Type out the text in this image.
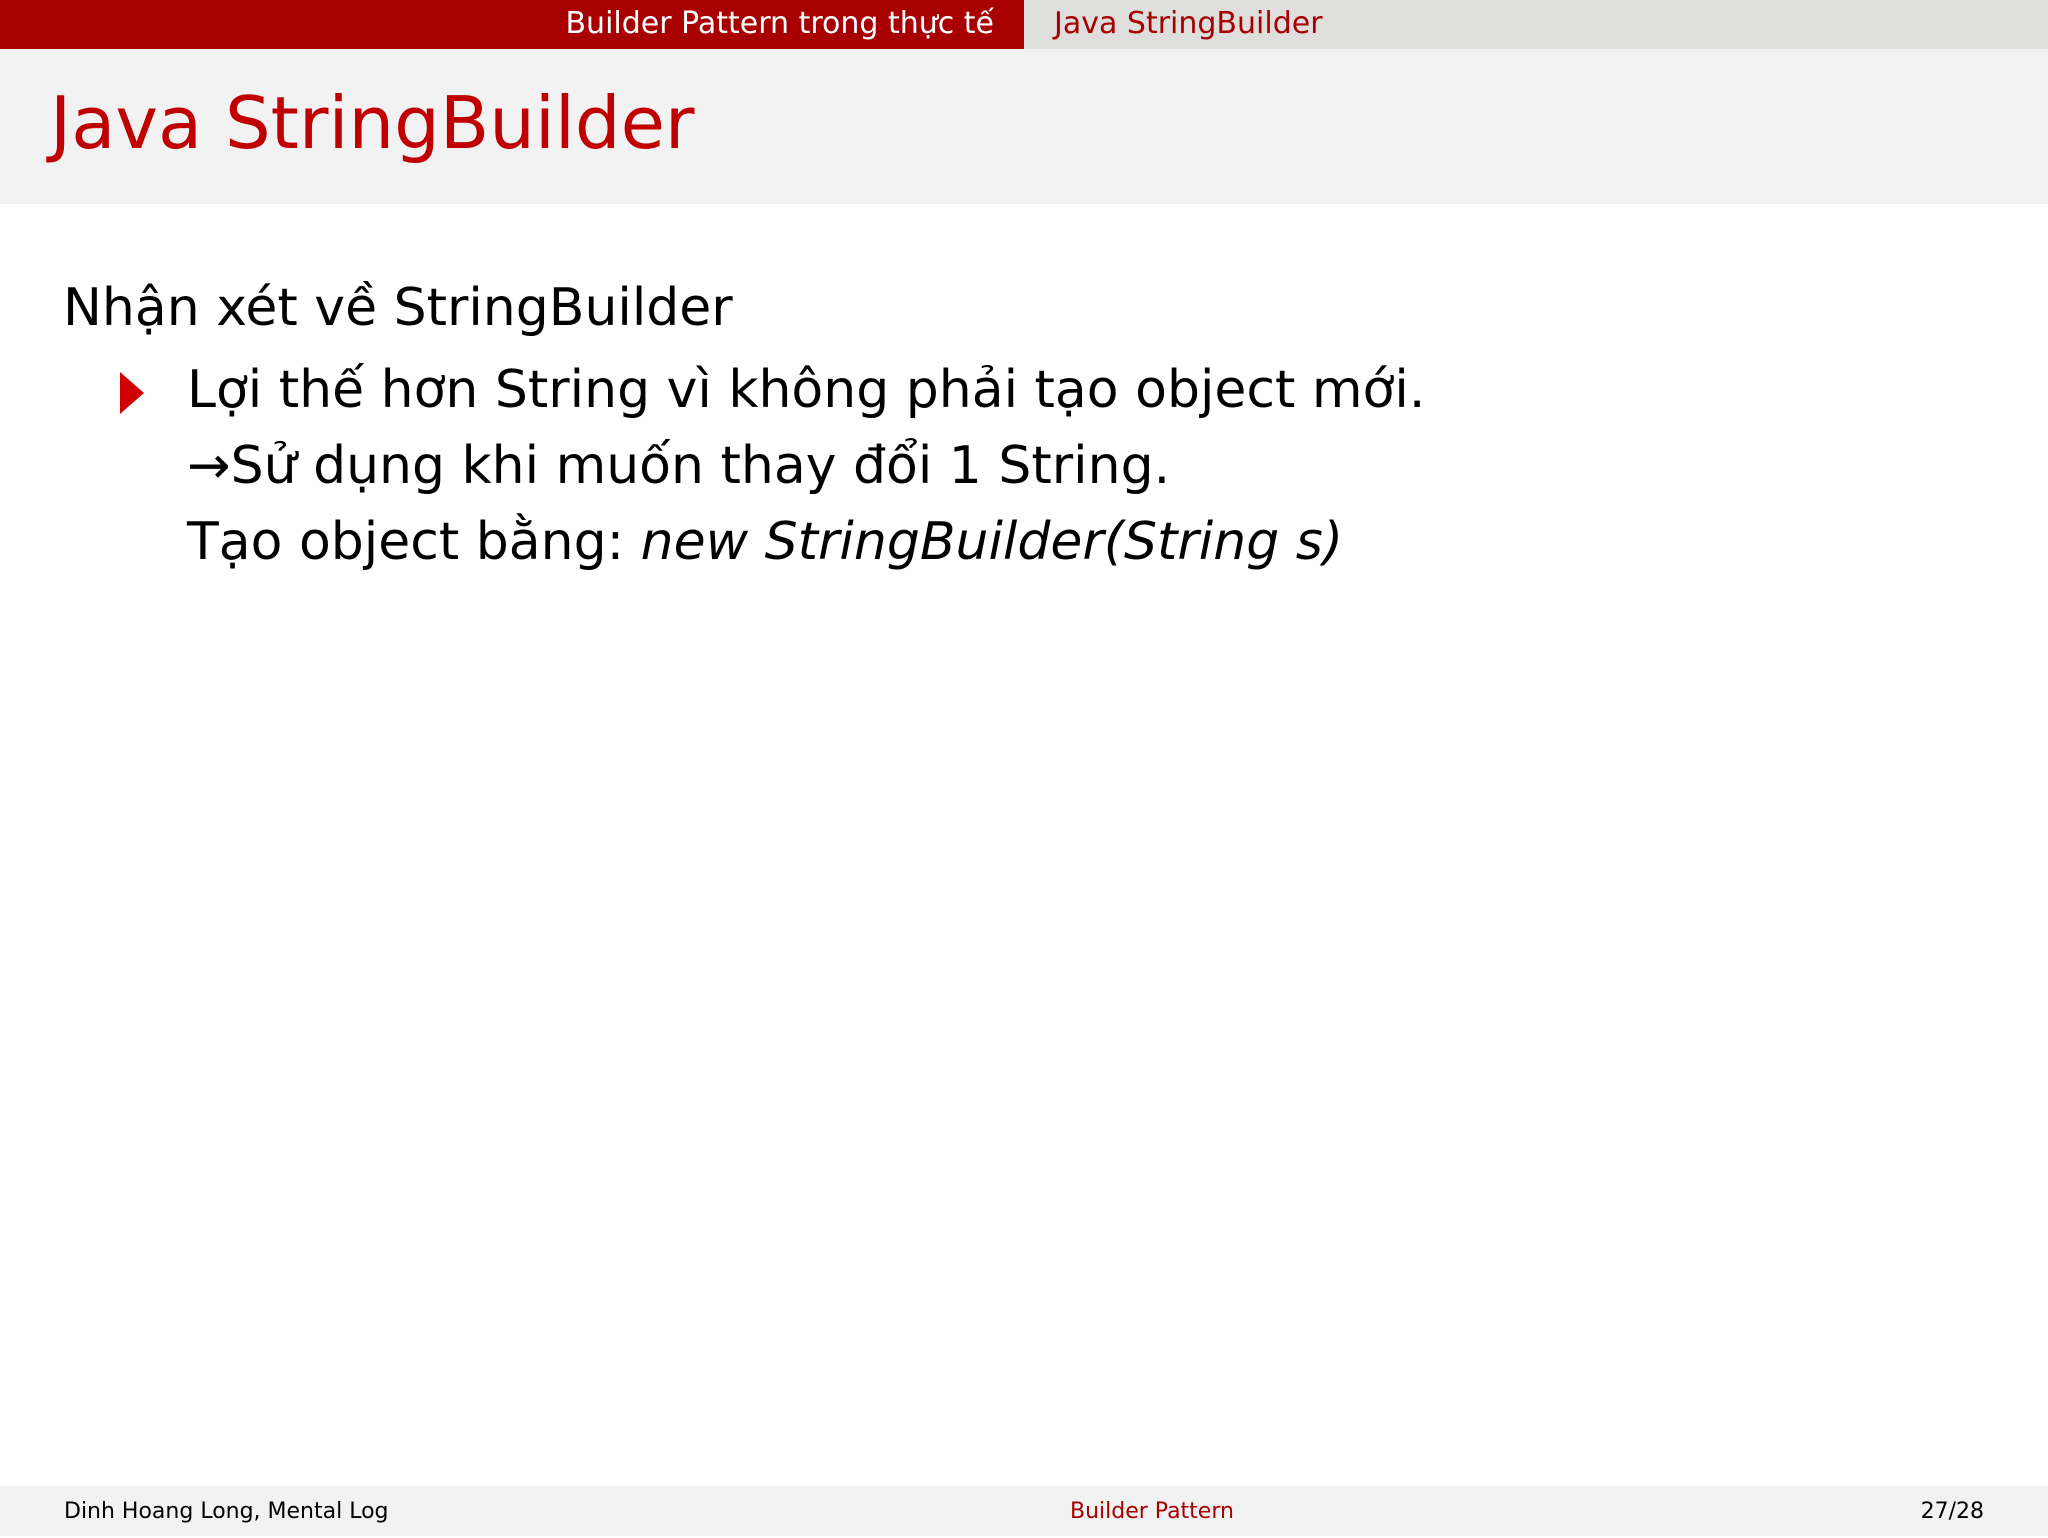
Builder Pattern trong thực tế Java StringBuilder
Java StringBuilder
Nhận xét về StringBuilder
Lợi thế hơn String vì không phải tạo object mới.
→Sử dụng khi muốn thay đổi 1 String.
Tạo object bằng: new StringBuilder(String s)
Dinh Hoang Long, Mental Log	Builder Pattern	27/28
